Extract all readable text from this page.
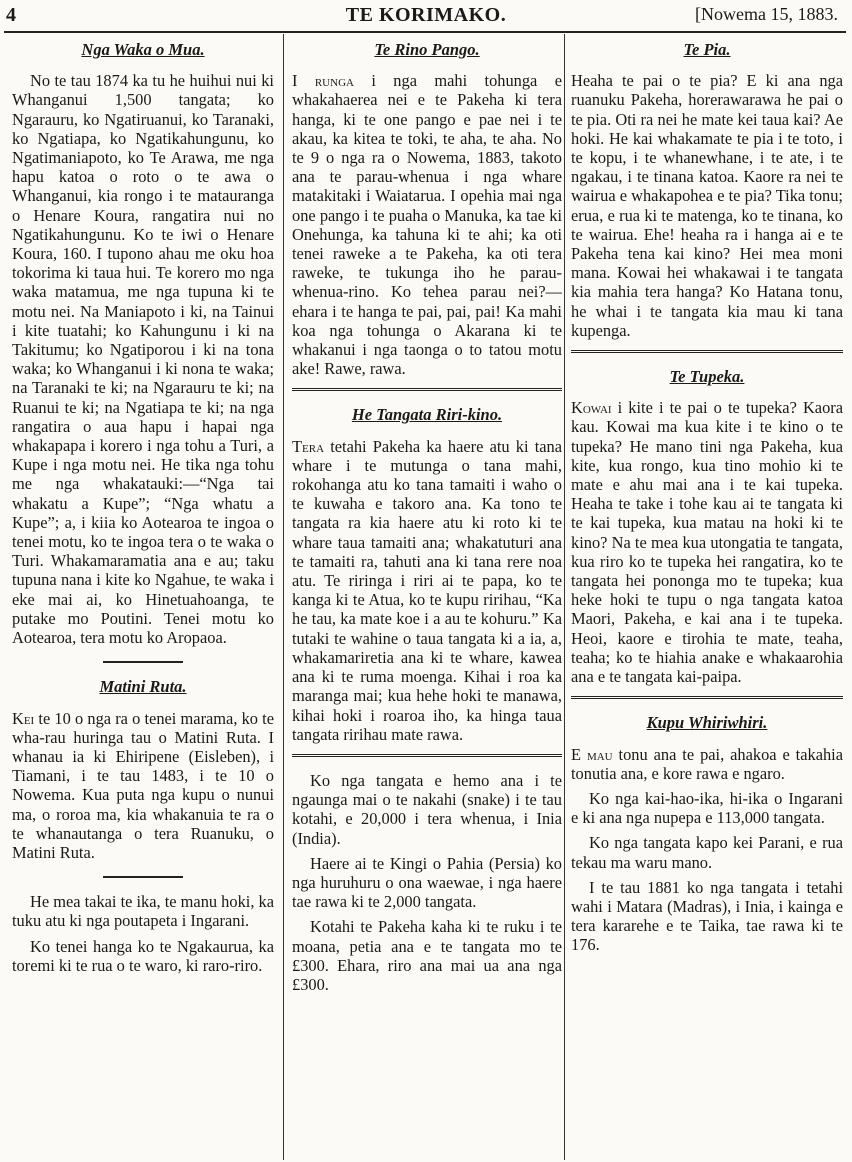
4	TE KORIMAKO.	[Nowema 15, 1883.
Nga Waka o Mua.

No te tau 1874 ka tu he huihui nui ki Whanganui 1,500 tangata; ko Ngarauru, ko Ngatiruanui, ko Taranaki, ko Ngatiapa, ko Ngatikahungunu, ko Ngatimaniapoto, ko Te Arawa, me nga hapu katoa o roto o te awa o Whanganui, kia rongo i te matauranga o Henare Koura, rangatira nui no Ngatikahungunu. Ko te iwi o Henare Koura, 160. I tupono ahau me oku hoa tokorima ki taua hui. Te korero mo nga waka matamua, me nga tupuna ki te motu nei. Na Maniapoto i ki, na Tainui i kite tuatahi; ko Kahungunu i ki na Takitumu; ko Ngatiporou i ki na tona waka; ko Whanganui i ki nona te waka; na Taranaki te ki; na Ngarauru te ki; na Ruanui te ki; na Ngatiapa te ki; na nga rangatira o aua hapu i hapai nga whakapapa i korero i nga tohu a Turi, a Kupe i nga motu nei. He tika nga tohu me nga whakatauki:—“Nga tai whakatu a Kupe”; “Nga whatu a Kupe”; a, i kiia ko Aotearoa te ingoa o tenei motu, ko te ingoa tera o te waka o Turi. Whakamaramatia ana e au; taku tupuna nana i kite ko Ngahue, te waka i eke mai ai, ko Hinetuahoanga, te putake mo Poutini. Tenei motu ko Aotearoa, tera motu ko Aropaoa.

Matini Ruta.

Kei te 10 o nga ra o tenei marama, ko te wha-rau huringa tau o Matini Ruta. I whanau ia ki Ehiripene (Eisleben), i Tiamani, i te tau 1483, i te 10 o Nowema. Kua puta nga kupu o nunui ma, o roroa ma, kia whakanuia te ra o te whanautanga o tera Ruanuku, o Matini Ruta.

He mea takai te ika, te manu hoki, ka tuku atu ki nga poutapeta i Ingarani.

Ko tenei hanga ko te Ngakaurua, ka toremi ki te rua o te waro, ki raro-riro.

Te Rino Pango.

I runga i nga mahi tohunga e whakahaerea nei e te Pakeha ki tera hanga, ki te one pango e pae nei i te akau, ka kitea te toki, te aha, te aha. No te 9 o nga ra o Nowema, 1883, takoto ana te parau-whenua i nga whare matakitaki i Waiatarua. I opehia mai nga one pango i te puaha o Manuka, ka tae ki Onehunga, ka tahuna ki te ahi; ka oti tenei raweke a te Pakeha, ka oti tera raweke, te tukunga iho he parau-whenua-rino. Ko tehea parau nei?—ehara i te hanga te pai, pai, pai! Ka mahi koa nga tohunga o Akarana ki te whakanui i nga taonga o to tatou motu ake! Rawe, rawa.

He Tangata Riri-kino.

Tera tetahi Pakeha ka haere atu ki tana whare i te mutunga o tana mahi, rokohanga atu ko tana tamaiti i waho o te kuwaha e takoro ana. Ka tono te tangata ra kia haere atu ki roto ki te whare taua tamaiti ana; whakatuturi ana te tamaiti ra, tahuti ana ki tana rere noa atu. Te riringa i riri ai te papa, ko te kanga ki te Atua, ko te kupu ririhau, “Ka he tau, ka mate koe i a au te kohuru.” Ka tutaki te wahine o taua tangata ki a ia, a, whakamariretia ana ki te whare, kawea ana ki te ruma moenga. Kihai i roa ka maranga mai; kua hehe hoki te manawa, kihai hoki i roaroa iho, ka hinga taua tangata ririhau mate rawa.

Ko nga tangata e hemo ana i te ngaunga mai o te nakahi (snake) i te tau kotahi, e 20,000 i tera whenua, i Inia (India).

Haere ai te Kingi o Pahia (Persia) ko nga huruhuru o ona waewae, i nga haere tae rawa ki te 2,000 tangata.

Kotahi te Pakeha kaha ki te ruku i te moana, petia ana e te tangata mo te £300. Ehara, riro ana mai ua ana nga £300.

Te Pia.

Heaha te pai o te pia? E ki ana nga ruanuku Pakeha, horerawarawa he pai o te pia. Oti ra nei he mate kei taua kai? Ae hoki. He kai whakamate te pia i te toto, i te kopu, i te whanewhane, i te ate, i te ngakau, i te tinana katoa. Kaore ra nei te wairua e whakapohea e te pia? Tika tonu; erua, e rua ki te matenga, ko te tinana, ko te wairua. Ehe! heaha ra i hanga ai e te Pakeha tena kai kino? Hei mea moni mana. Kowai hei whakawai i te tangata kia mahia tera hanga? Ko Hatana tonu, he whai i te tangata kia mau ki tana kupenga.

Te Tupeka.

Kowai i kite i te pai o te tupeka? Kaora kau. Kowai ma kua kite i te kino o te tupeka? He mano tini nga Pakeha, kua kite, kua rongo, kua tino mohio ki te mate e ahu mai ana i te kai tupeka. Heaha te take i tohe kau ai te tangata ki te kai tupeka, kua matau na hoki ki te kino? Na te mea kua utongatia te tangata, kua riro ko te tupeka hei rangatira, ko te tangata hei pononga mo te tupeka; kua heke hoki te tupu o nga tangata katoa Maori, Pakeha, e kai ana i te tupeka. Heoi, kaore e tirohia te mate, teaha, teaha; ko te hiahia anake e whakaarohia ana e te tangata kai-paipa.

Kupu Whiriwhiri.

E mau tonu ana te pai, ahakoa e takahia tonutia ana, e kore rawa e ngaro.

Ko nga kai-hao-ika, hi-ika o Ingarani e ki ana nga nupepa e 113,000 tangata.

Ko nga tangata kapo kei Parani, e rua tekau ma waru mano.

I te tau 1881 ko nga tangata i tetahi wahi i Matara (Madras), i Inia, i kainga e tera kararehe e te Taika, tae rawa ki te 176.
